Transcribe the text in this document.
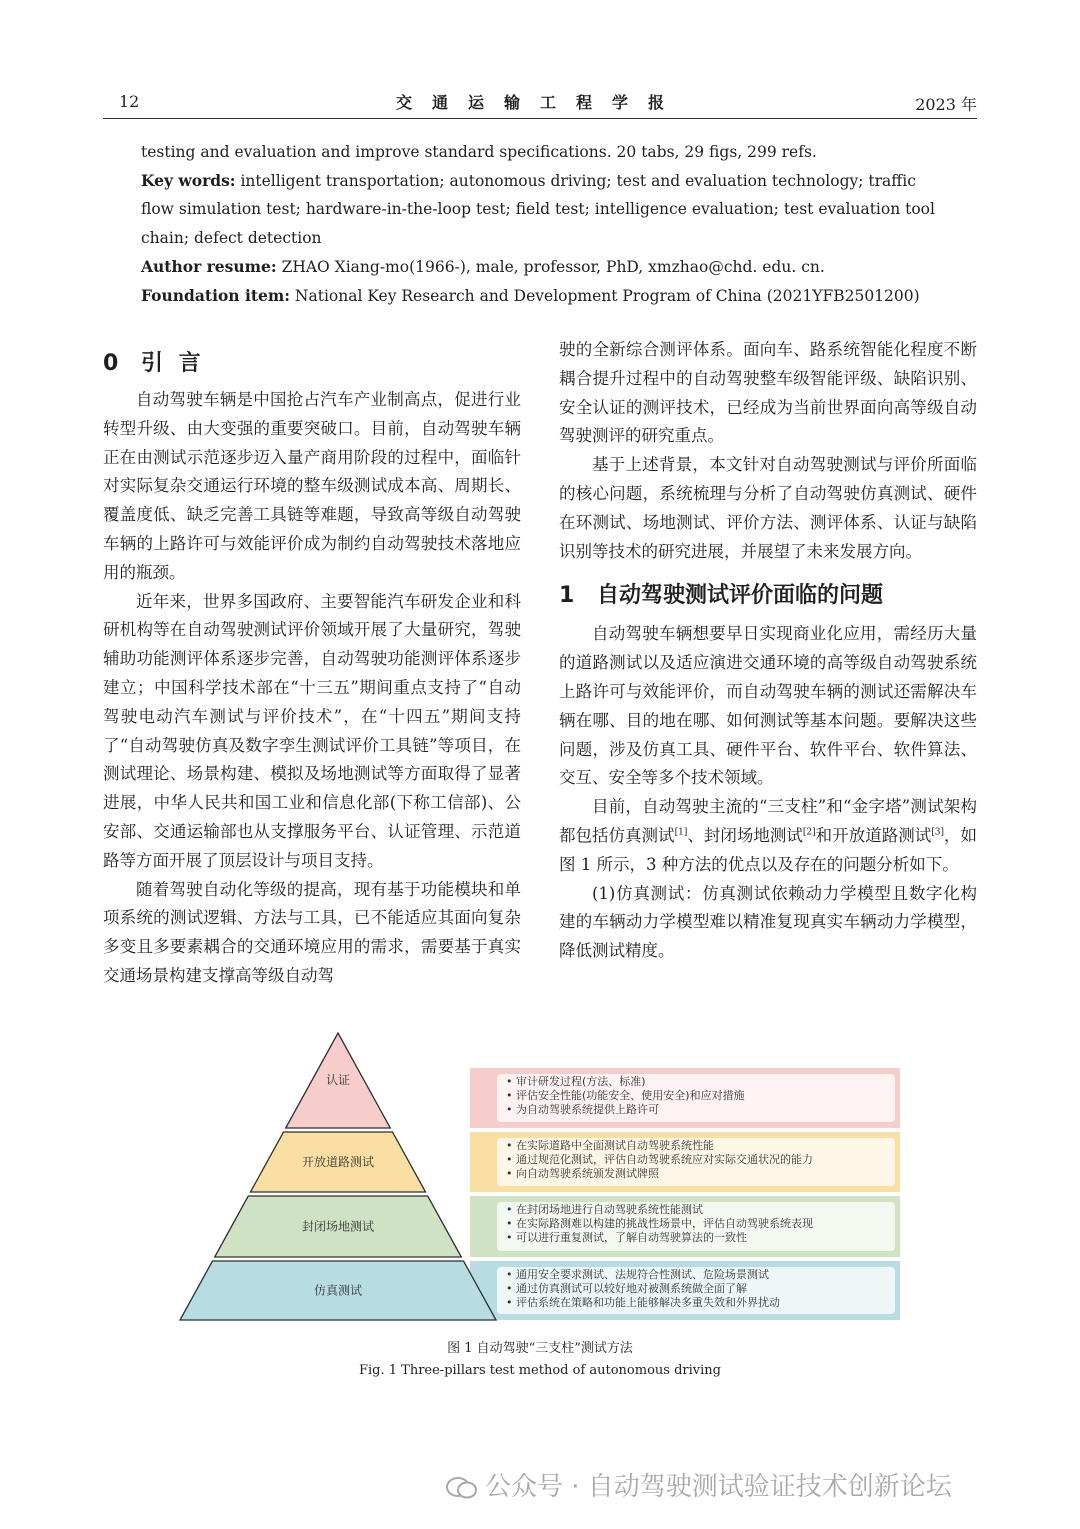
12	交通运输工程学报	2023 年

testing and evaluation and improve standard specifications. 20 tabs, 29 figs, 299 refs.

Key words: intelligent transportation; autonomous driving; test and evaluation technology; traffic flow simulation test; hardware-in-the-loop test; field test; intelligence evaluation; test evaluation tool chain; defect detection

Author resume: ZHAO Xiang-mo(1966-), male, professor, PhD, xmzhao@chd. edu. cn.

Foundation item: National Key Research and Development Program of China (2021YFB2501200)

0 引 言

自动驾驶车辆是中国抢占汽车产业制高点，促进行业转型升级、由大变强的重要突破口。目前，自动驾驶车辆正在由测试示范逐步迈入量产商用阶段的过程中，面临针对实际复杂交通运行环境的整车级测试成本高、周期长、覆盖度低、缺乏完善工具链等难题，导致高等级自动驾驶车辆的上路许可与效能评价成为制约自动驾驶技术落地应用的瓶颈。

近年来，世界多国政府、主要智能汽车研发企业和科研机构等在自动驾驶测试评价领域开展了大量研究，驾驶辅助功能测评体系逐步完善，自动驾驶功能测评体系逐步建立；中国科学技术部在“十三五”期间重点支持了“自动驾驶电动汽车测试与评价技术”，在“十四五”期间支持了“自动驾驶仿真及数字孪生测试评价工具链”等项目，在测试理论、场景构建、模拟及场地测试等方面取得了显著进展，中华人民共和国工业和信息化部(下称工信部)、公安部、交通运输部也从支撑服务平台、认证管理、示范道路等方面开展了顶层设计与项目支持。

随着驾驶自动化等级的提高，现有基于功能模块和单项系统的测试逻辑、方法与工具，已不能适应其面向复杂多变且多要素耦合的交通环境应用的需求，需要基于真实交通场景构建支撑高等级自动驾

驶的全新综合测评体系。面向车、路系统智能化程度不断耦合提升过程中的自动驾驶整车级智能评级、缺陷识别、安全认证的测评技术，已经成为当前世界面向高等级自动驾驶测评的研究重点。

基于上述背景，本文针对自动驾驶测试与评价所面临的核心问题，系统梳理与分析了自动驾驶仿真测试、硬件在环测试、场地测试、评价方法、测评体系、认证与缺陷识别等技术的研究进展，并展望了未来发展方向。

1 自动驾驶测试评价面临的问题

自动驾驶车辆想要早日实现商业化应用，需经历大量的道路测试以及适应演进交通环境的高等级自动驾驶系统上路许可与效能评价，而自动驾驶车辆的测试还需解决车辆在哪、目的地在哪、如何测试等基本问题。要解决这些问题，涉及仿真工具、硬件平台、软件平台、软件算法、交互、安全等多个技术领域。

目前，自动驾驶主流的“三支柱”和“金字塔”测试架构都包括仿真测试[1]、封闭场地测试[2]和开放道路测试[3]，如图 1 所示，3 种方法的优点以及存在的问题分析如下。

(1)仿真测试：仿真测试依赖动力学模型且数字化构建的车辆动力学模型难以精准复现真实车辆动力学模型，降低测试精度。

认证	• 审计研发过程(方法、标准)
• 评估安全性能(功能安全、使用安全)和应对措施
• 为自动驾驶系统提供上路许可
开放道路测试
• 在实际道路中全面测试自动驾驶系统性能
• 通过规范化测试，评估自动驾驶系统应对实际交通状况的能力
• 向自动驾驶系统颁发测试牌照
封闭场地测试
• 在封闭场地进行自动驾驶系统性能测试
• 在实际路测难以构建的挑战性场景中，评估自动驾驶系统表现
• 可以进行重复测试，了解自动驾驶算法的一致性
仿真测试
• 通用安全要求测试、法规符合性测试、危险场景测试
• 通过仿真测试可以较好地对被测系统做全面了解
• 评估系统在策略和功能上能够解决多重失效和外界扰动
图 1 自动驾驶“三支柱”测试方法
Fig. 1 Three-pillars test method of autonomous driving
公众号 · 自动驾驶测试验证技术创新论坛
